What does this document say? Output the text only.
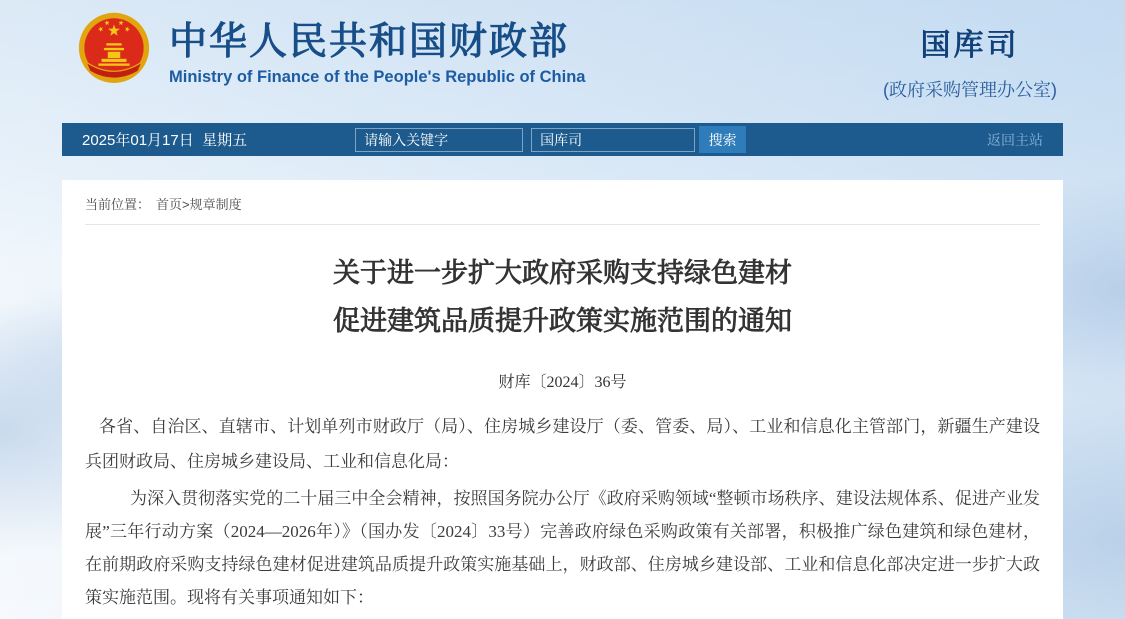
中华人民共和国财政部
Ministry of Finance of the People's Republic of China
国库司
(政府采购管理办公室)
2025年01月17日  星期五
请输入关键字
国库司	搜索	返回主站
当前位置： 首页>规章制度
关于进一步扩大政府采购支持绿色建材
促进建筑品质提升政策实施范围的通知
财库〔2024〕36号

各省、自治区、直辖市、计划单列市财政厅（局）、住房城乡建设厅（委、管委、局）、工业和信息化主管部门，新疆生产建设兵团财政局、住房城乡建设局、工业和信息化局：

为深入贯彻落实党的二十届三中全会精神，按照国务院办公厅《政府采购领域“整顿市场秩序、建设法规体系、促进产业发展”三年行动方案（2024—2026年）》（国办发〔2024〕33号）完善政府绿色采购政策有关部署，积极推广绿色建筑和绿色建材，在前期政府采购支持绿色建材促进建筑品质提升政策实施基础上，财政部、住房城乡建设部、工业和信息化部决定进一步扩大政策实施范围。现将有关事项通知如下：
